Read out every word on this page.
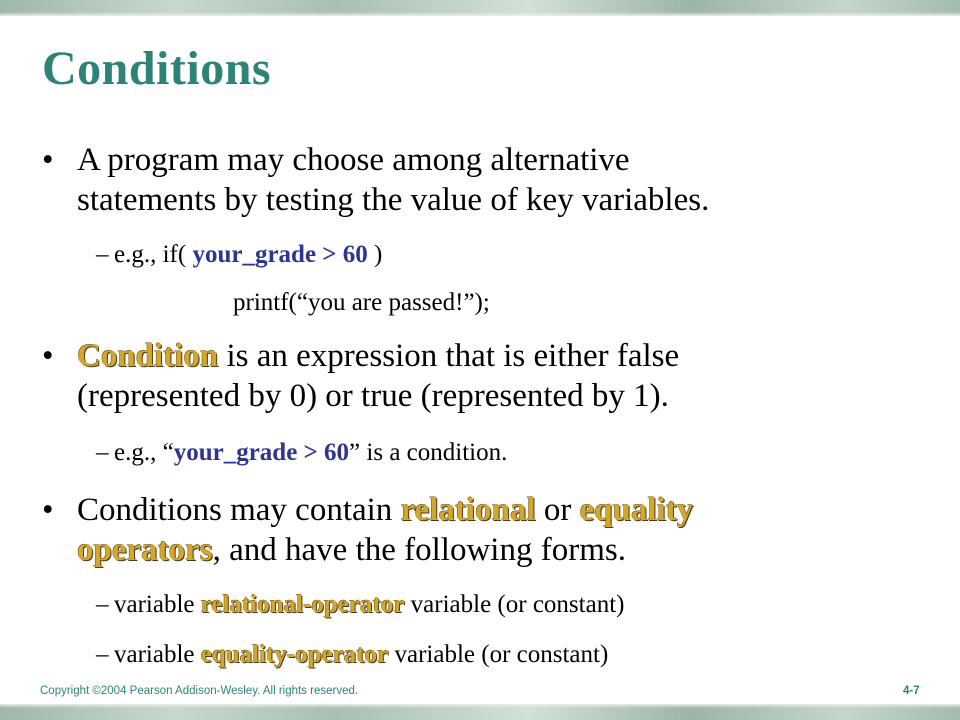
Conditions
• A program may choose among alternative
statements by testing the value of key variables.
– e.g., if( your_grade > 60 )
printf(“you are passed!”);
• Condition is an expression that is either false
(represented by 0) or true (represented by 1).
– e.g., “your_grade > 60” is a condition.
• Conditions may contain relational or equality
operators, and have the following forms.
– variable relational-operator variable (or constant)
– variable equality-operator variable (or constant)
Copyright ©2004 Pearson Addison-Wesley. All rights reserved.	4-7
